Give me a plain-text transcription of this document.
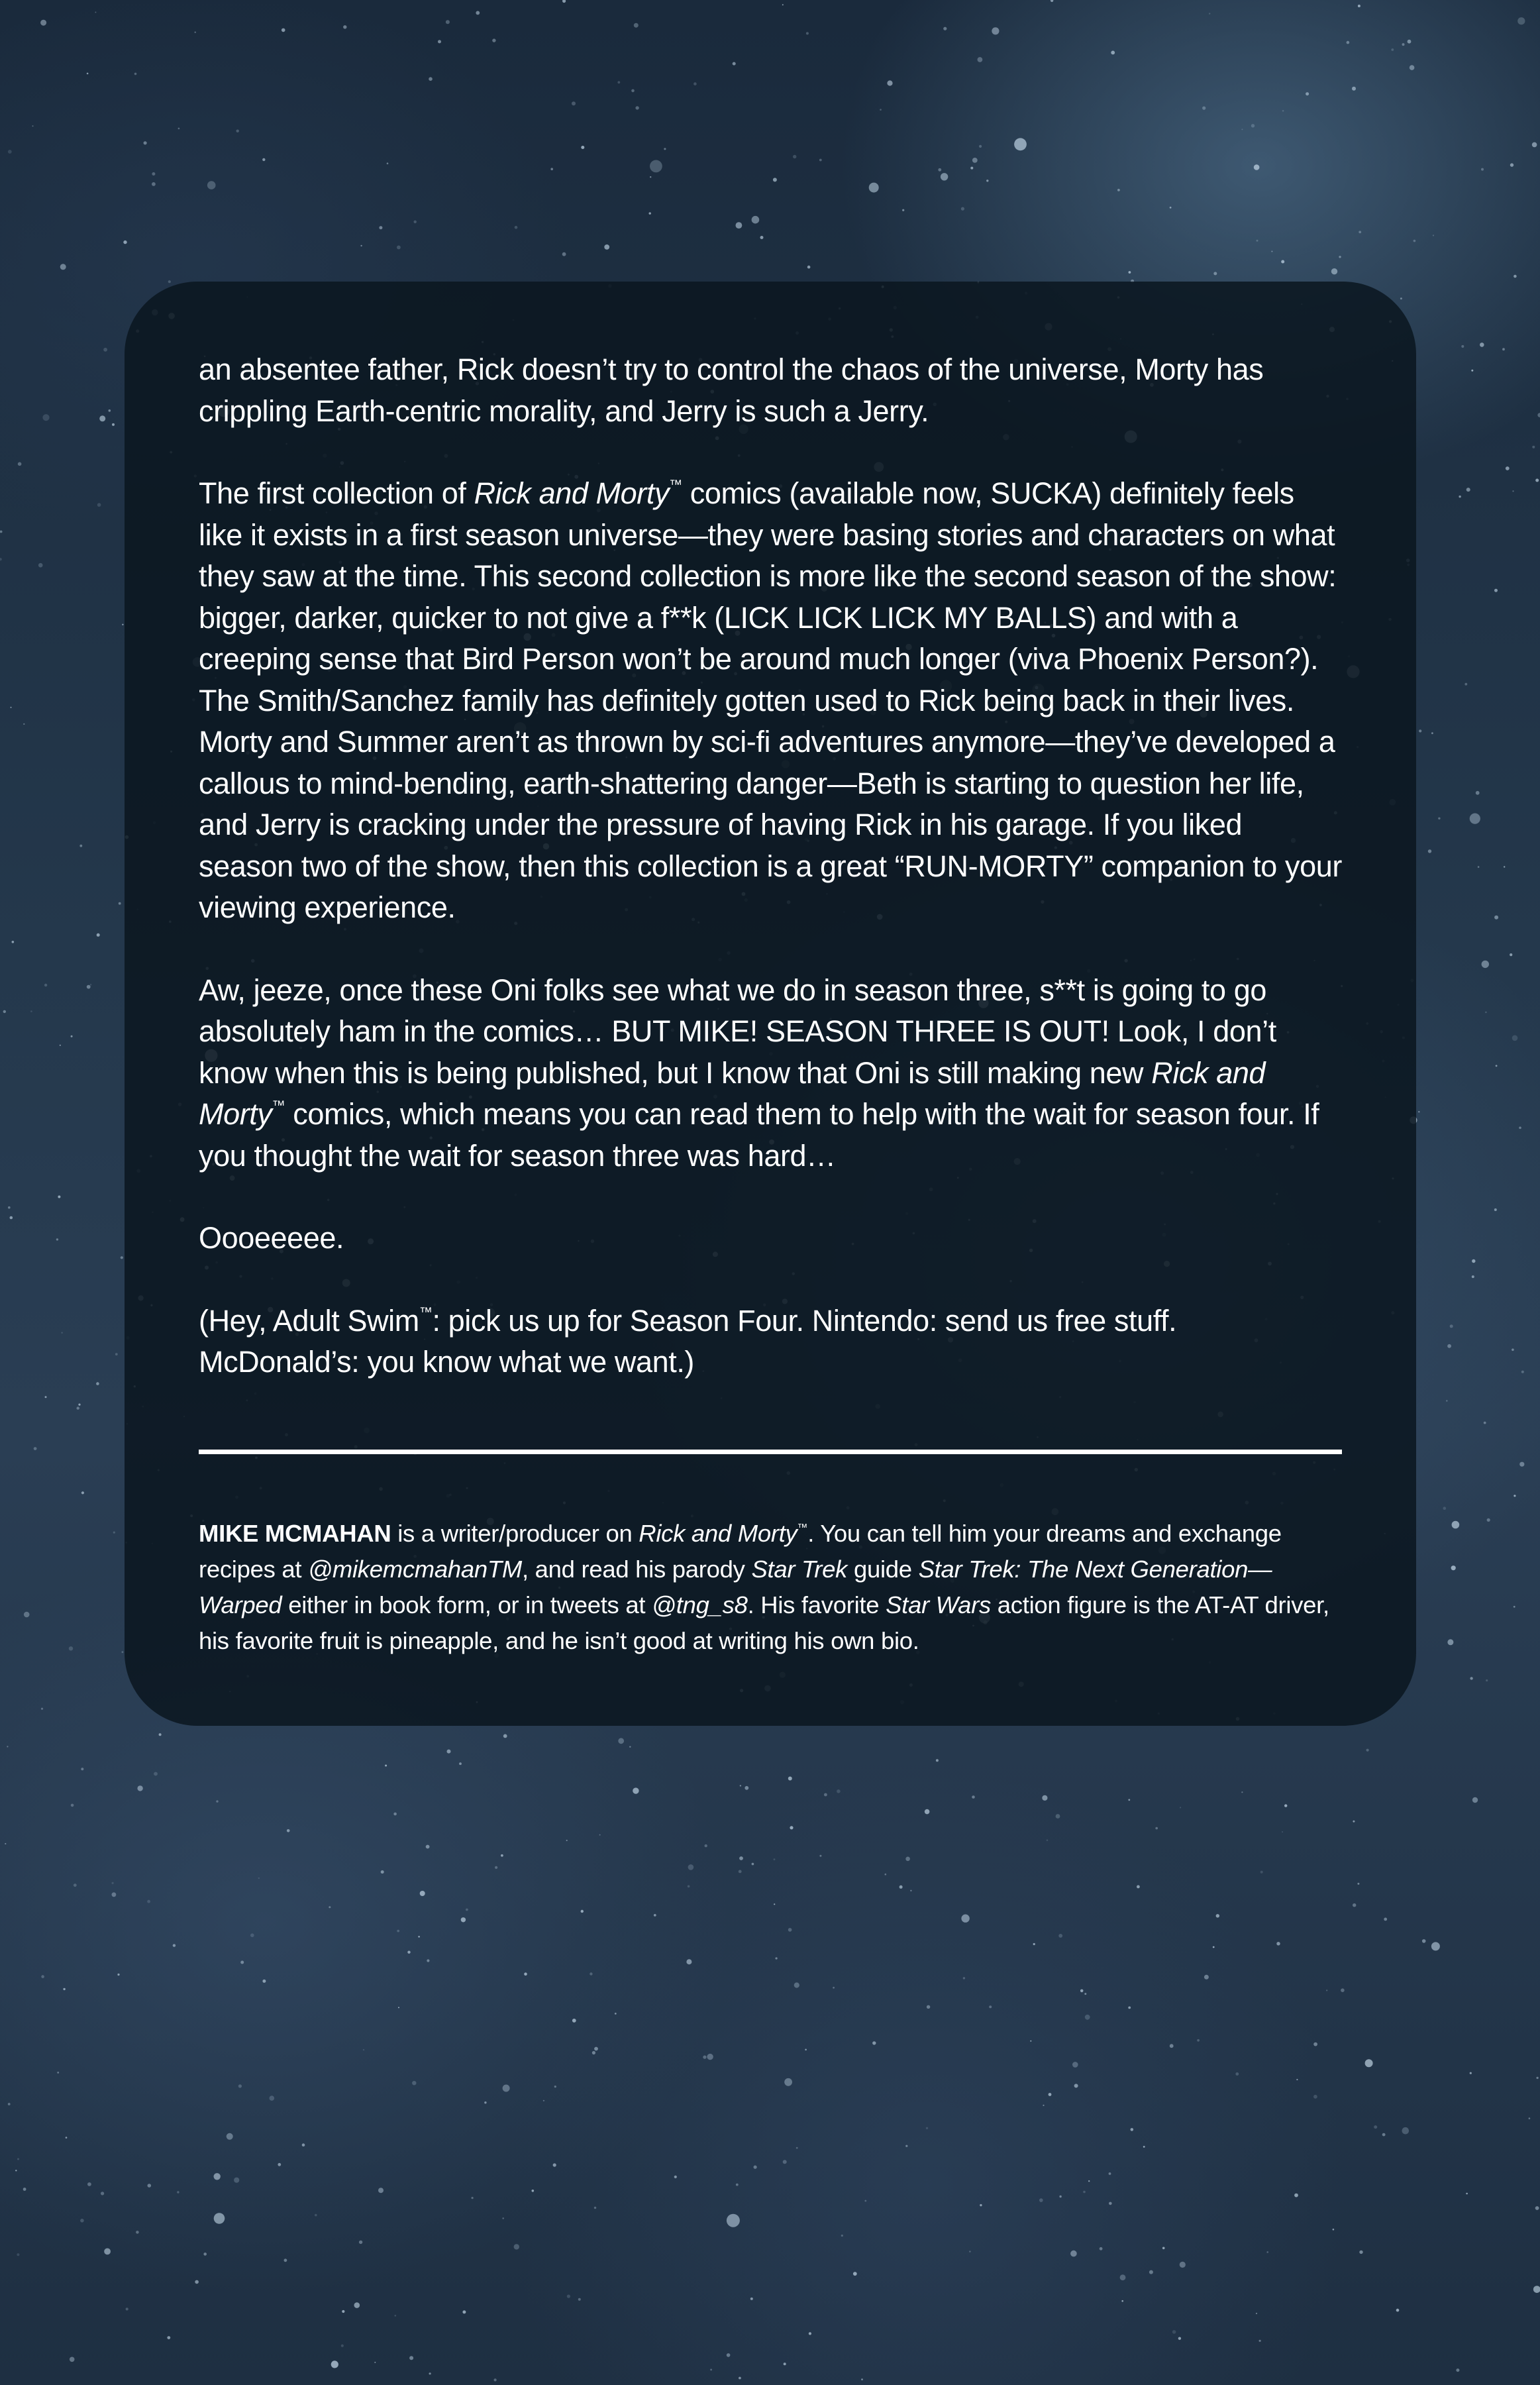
an absentee father, Rick doesn’t try to control the chaos of the universe, Morty has crippling Earth-centric morality, and Jerry is such a Jerry.

The first collection of Rick and Morty™ comics (available now, SUCKA) definitely feels like it exists in a first season universe—they were basing stories and characters on what they saw at the time. This second collection is more like the second season of the show: bigger, darker, quicker to not give a f**k (LICK LICK LICK MY BALLS) and with a creeping sense that Bird Person won’t be around much longer (viva Phoenix Person?). The Smith/Sanchez family has definitely gotten used to Rick being back in their lives. Morty and Summer aren’t as thrown by sci-fi adventures anymore—they’ve developed a callous to mind-bending, earth-shattering danger—Beth is starting to question her life, and Jerry is cracking under the pressure of having Rick in his garage. If you liked season two of the show, then this collection is a great “RUN-MORTY” companion to your viewing experience.

Aw, jeeze, once these Oni folks see what we do in season three, s**t is going to go absolutely ham in the comics… BUT MIKE! SEASON THREE IS OUT! Look, I don’t know when this is being published, but I know that Oni is still making new Rick and Morty™ comics, which means you can read them to help with the wait for season four. If you thought the wait for season three was hard…

Oooeeeee.

(Hey, Adult Swim™: pick us up for Season Four. Nintendo: send us free stuff. McDonald’s: you know what we want.)

MIKE MCMAHAN is a writer/producer on Rick and Morty™. You can tell him your dreams and exchange recipes at @mikemcmahanTM, and read his parody Star Trek guide Star Trek: The Next Generation—Warped either in book form, or in tweets at @tng_s8. His favorite Star Wars action figure is the AT-AT driver, his favorite fruit is pineapple, and he isn’t good at writing his own bio.
